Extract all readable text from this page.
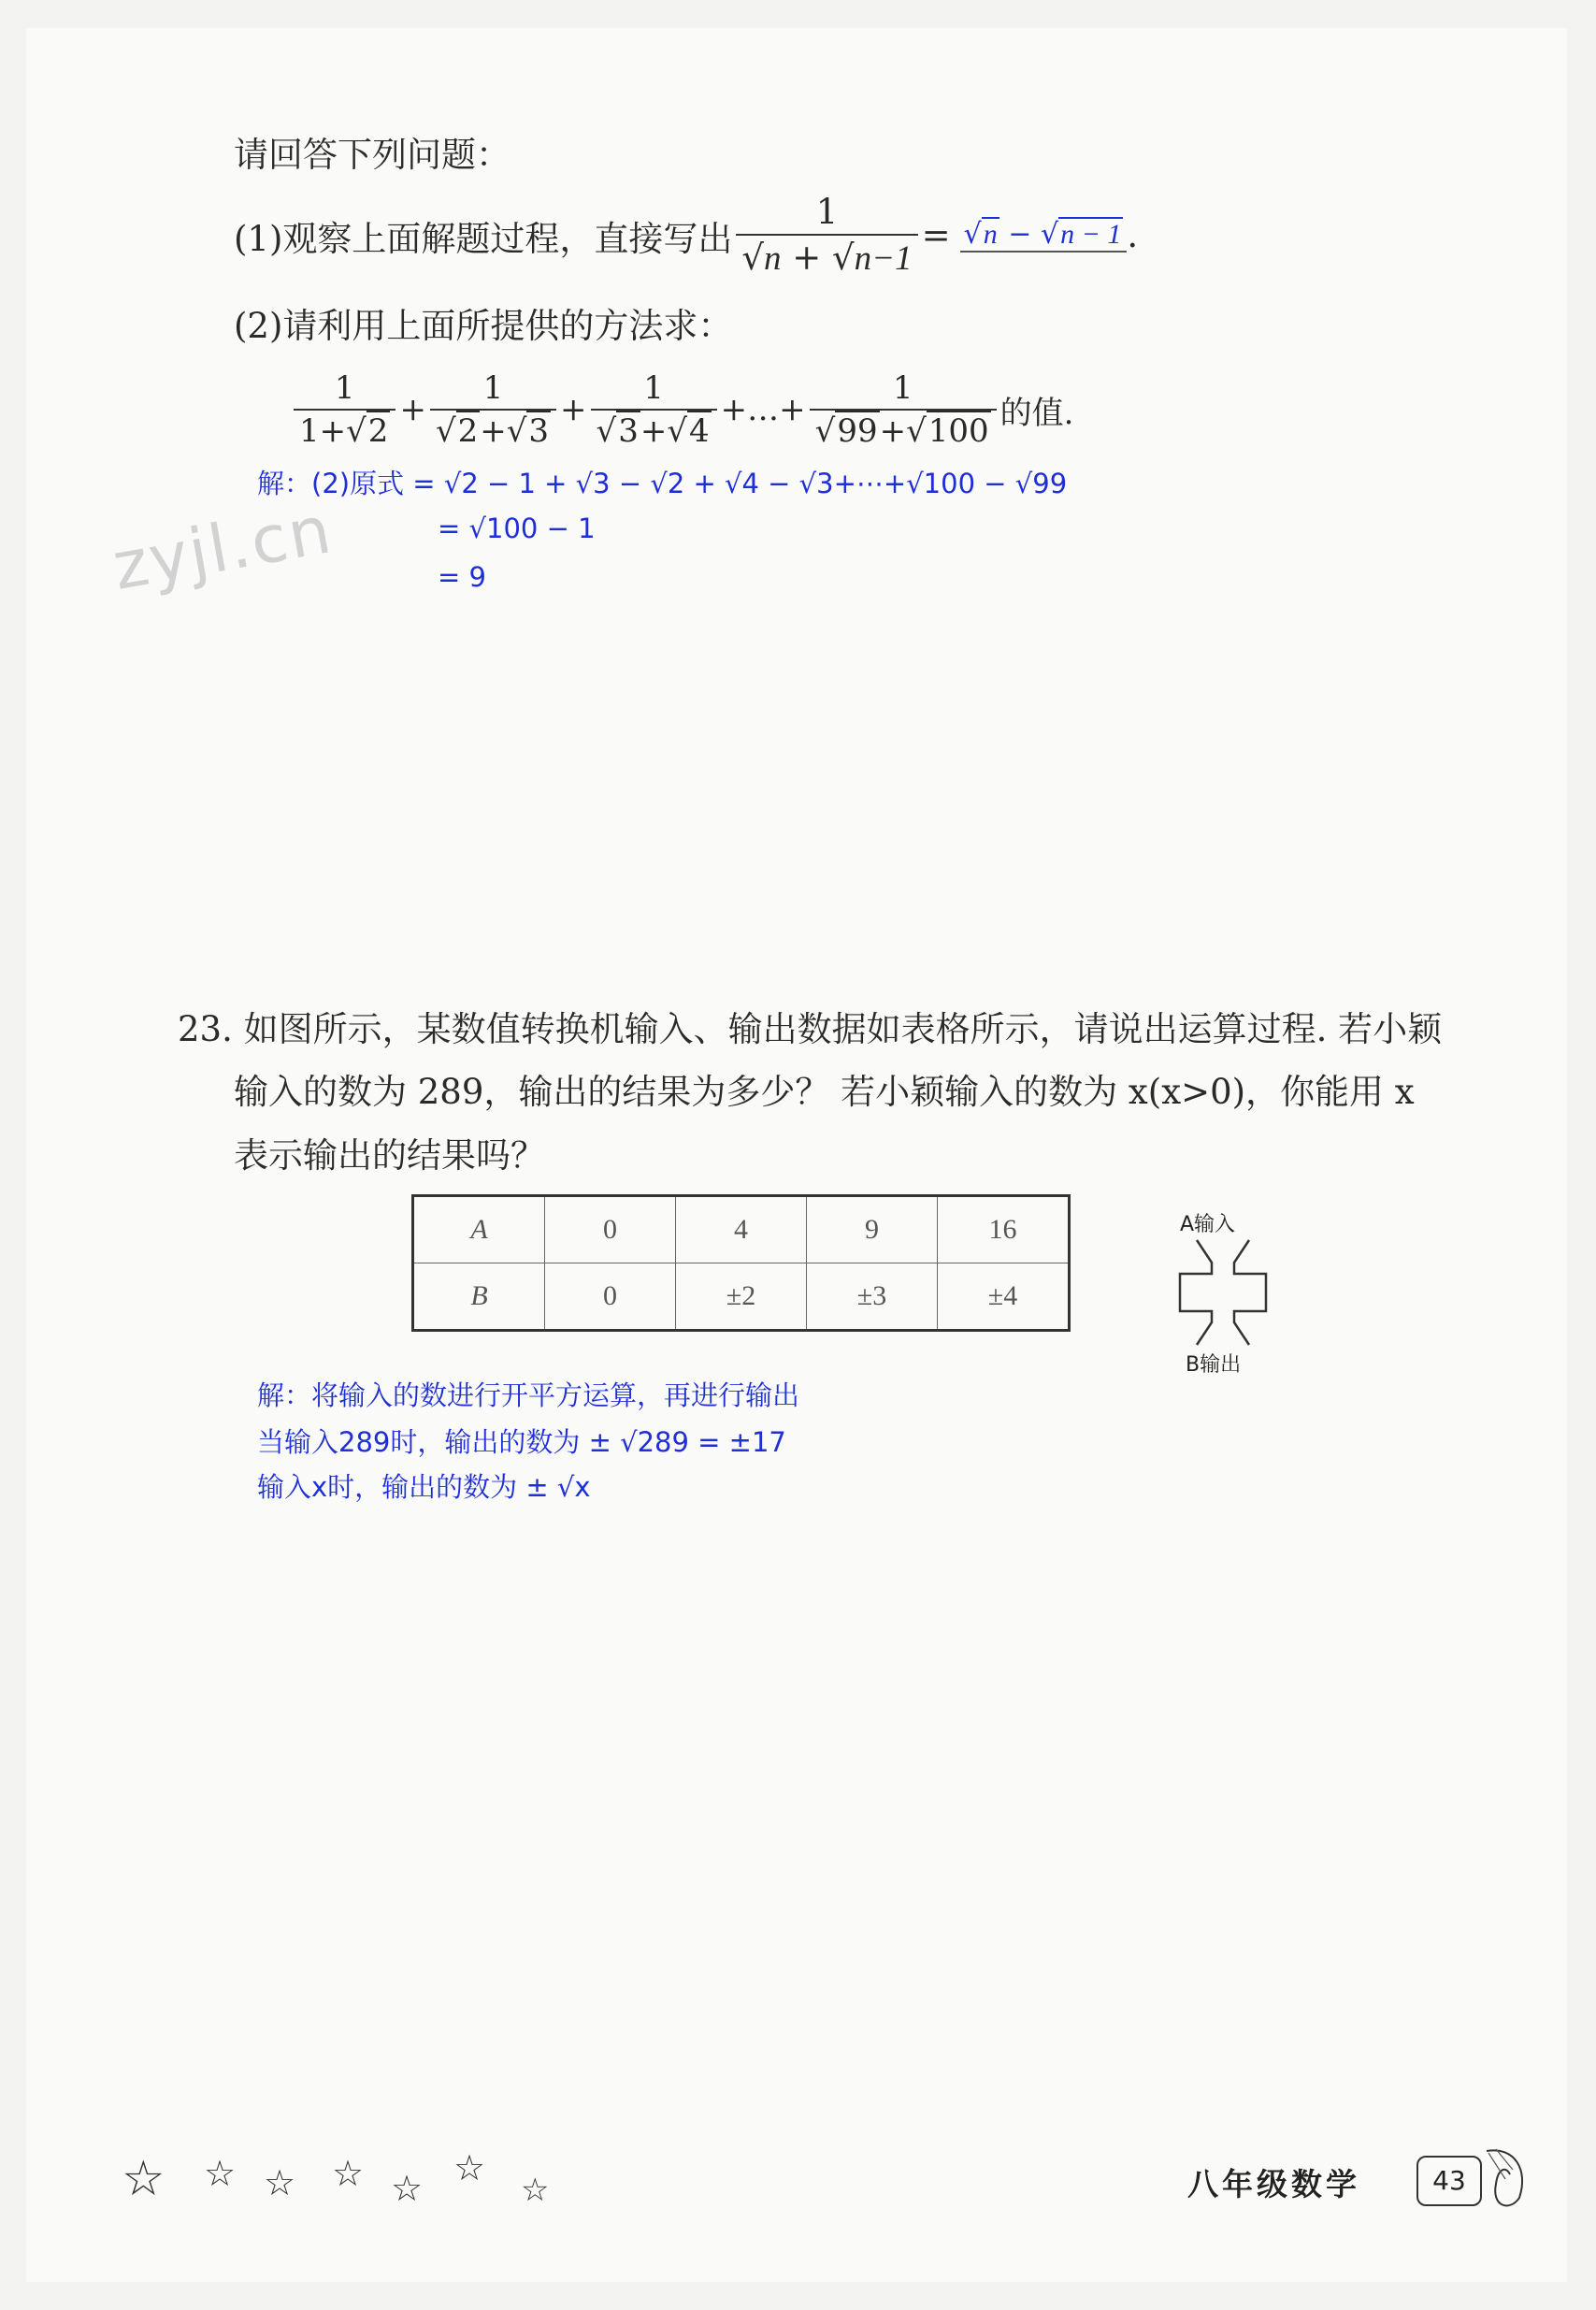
zyjl.cn
请回答下列问题：
(1)观察上面解题过程，直接写出 $\frac{1}{√n + √n-1} = √n - √n - 1$ .
(2)请利用上面所提供的方法求：
$\frac{1}{1+√2} + \frac{1}{√2+√3} + \frac{1}{√3+√4}$ +…+ $\frac{1}{√99+√100}$ 的值.
解：(2)原式 = √2 − 1 + √3 − √2 + √4 − √3+⋯+√100 − √99
= √100 − 1
= 9
23. 如图所示，某数值转换机输入、输出数据如表格所示，请说出运算过程. 若小颖
输入的数为 289，输出的结果为多少？ 若小颖输入的数为 x(x>0)，你能用 x
表示输出的结果吗？
A	0	4	9	16
B	0	±2	±3	±4
A输入
B输出
解：将输入的数进行开平方运算，再进行输出
当输入289时，输出的数为 ± √289 = ±17
输入x时，输出的数为 ± √x
☆ ☆ ☆ ☆ ☆ ☆
☆	八年级数学	43
